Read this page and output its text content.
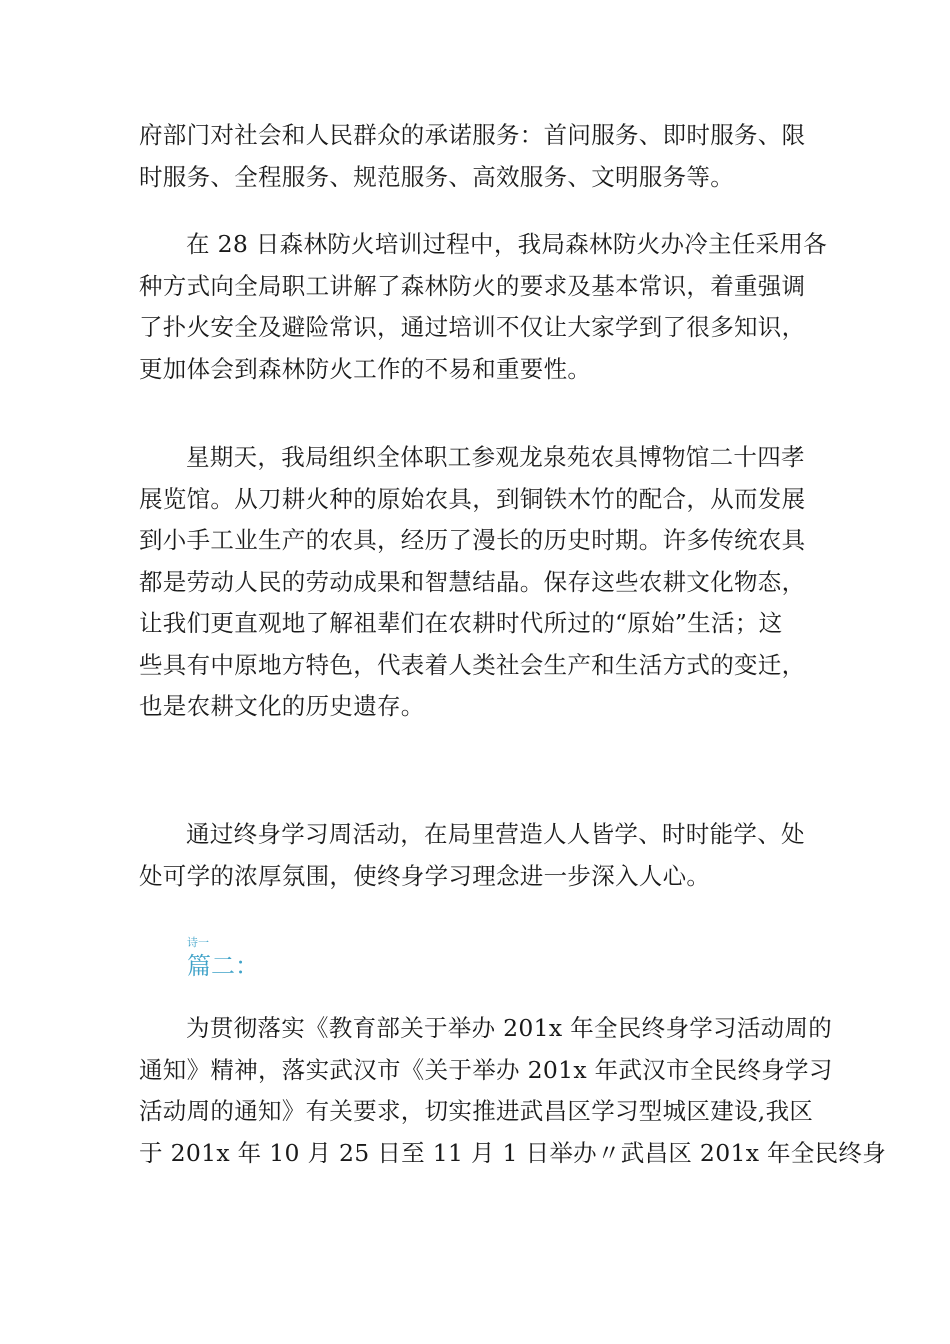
府部门对社会和人民群众的承诺服务：首问服务、即时服务、限
时服务、全程服务、规范服务、高效服务、文明服务等。

在 28 日森林防火培训过程中，我局森林防火办冷主任采用各
种方式向全局职工讲解了森林防火的要求及基本常识，着重强调
了扑火安全及避险常识，通过培训不仅让大家学到了很多知识，
更加体会到森林防火工作的不易和重要性。

星期天，我局组织全体职工参观龙泉苑农具博物馆二十四孝
展览馆。从刀耕火种的原始农具，到铜铁木竹的配合，从而发展
到小手工业生产的农具，经历了漫长的历史时期。许多传统农具
都是劳动人民的劳动成果和智慧结晶。保存这些农耕文化物态，
让我们更直观地了解祖辈们在农耕时代所过的“原始”生活；这
些具有中原地方特色，代表着人类社会生产和生活方式的变迁，
也是农耕文化的历史遗存。

通过终身学习周活动，在局里营造人人皆学、时时能学、处
处可学的浓厚氛围，使终身学习理念进一步深入人心。

诗一
篇二：

为贯彻落实《教育部关于举办 201x 年全民终身学习活动周的
通知》精神，落实武汉市《关于举办 201x 年武汉市全民终身学习
活动周的通知》有关要求，切实推进武昌区学习型城区建设,我区
于 201x 年 10 月 25 日至 11 月 1 日举办〃武昌区 201x 年全民终身
